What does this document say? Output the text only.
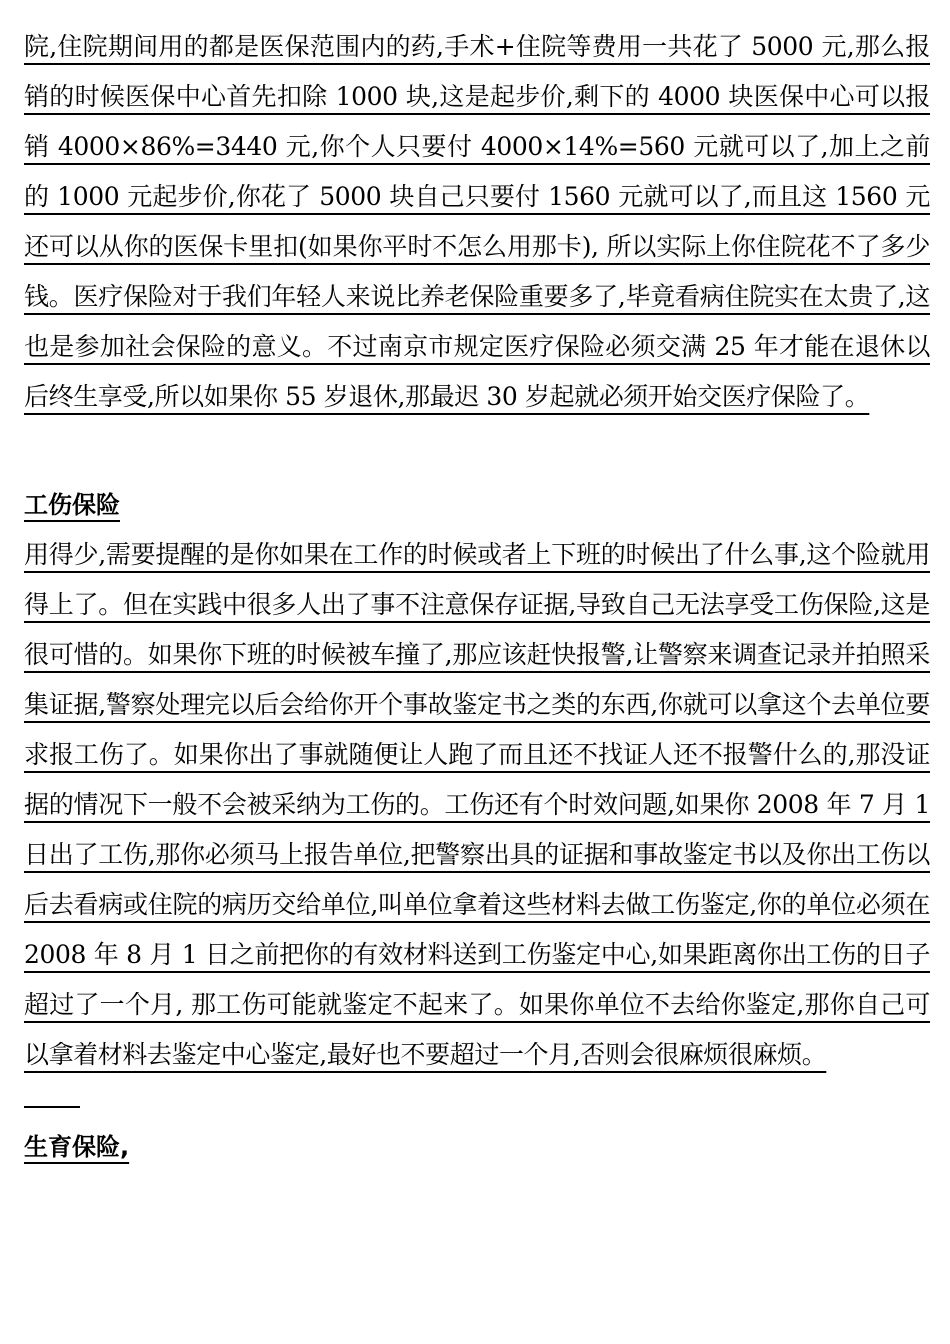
院,住院期间用的都是医保范围内的药,手术+住院等费用一共花了 5000 元,那么报销的时候医保中心首先扣除 1000 块,这是起步价,剩下的 4000 块医保中心可以报销 4000×86%=3440 元,你个人只要付 4000×14%=560 元就可以了,加上之前的 1000 元起步价,你花了 5000 块自己只要付 1560 元就可以了,而且这 1560 元还可以从你的医保卡里扣(如果你平时不怎么用那卡), 所以实际上你住院花不了多少钱。医疗保险对于我们年轻人来说比养老保险重要多了,毕竟看病住院实在太贵了,这也是参加社会保险的意义。不过南京市规定医疗保险必须交满 25 年才能在退休以后终生享受,所以如果你 55 岁退休,那最迟 30 岁起就必须开始交医疗保险了。

工伤保险

用得少,需要提醒的是你如果在工作的时候或者上下班的时候出了什么事,这个险就用得上了。但在实践中很多人出了事不注意保存证据,导致自己无法享受工伤保险,这是很可惜的。如果你下班的时候被车撞了,那应该赶快报警,让警察来调查记录并拍照采集证据,警察处理完以后会给你开个事故鉴定书之类的东西,你就可以拿这个去单位要求报工伤了。如果你出了事就随便让人跑了而且还不找证人还不报警什么的,那没证据的情况下一般不会被采纳为工伤的。工伤还有个时效问题,如果你 2008 年 7 月 1 日出了工伤,那你必须马上报告单位,把警察出具的证据和事故鉴定书以及你出工伤以后去看病或住院的病历交给单位,叫单位拿着这些材料去做工伤鉴定,你的单位必须在 2008 年 8 月 1 日之前把你的有效材料送到工伤鉴定中心,如果距离你出工伤的日子超过了一个月, 那工伤可能就鉴定不起来了。如果你单位不去给你鉴定,那你自己可以拿着材料去鉴定中心鉴定,最好也不要超过一个月,否则会很麻烦很麻烦。

生育保险,
